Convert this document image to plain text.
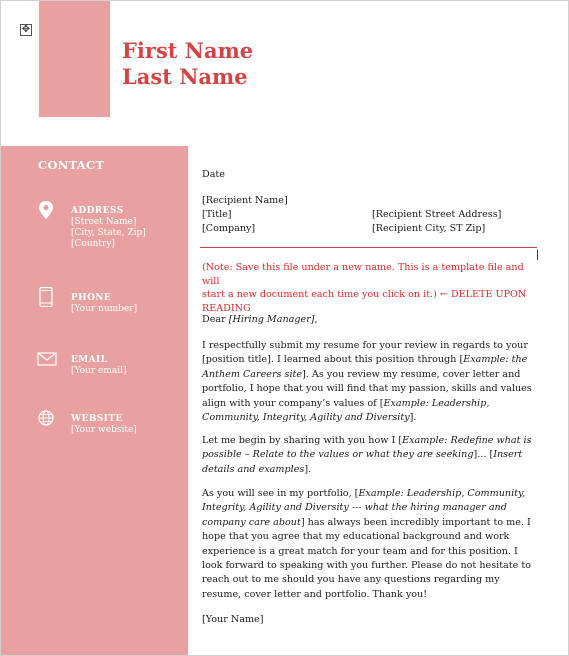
✥
First Name
Last Name
CONTACT
ADDRESS
[Street Name]
[City, State, Zip]
[Country]
PHONE
[Your number]
EMAIL
[Your email]
WEBSITE
[Your website]
Date
[Recipient Name]
[Title]
[Company]
[Recipient Street Address]
[Recipient City, ST Zip]
Dear [Hiring Manager],
I respectfully submit my resume for your review in regards to your [position title]. I learned about this position through [Example: the Anthem Careers site]. As you review my resume, cover letter and portfolio, I hope that you will find that my passion, skills and values align with your company’s values of [Example: Leadership, Community, Integrity, Agility and Diversity].
Let me begin by sharing with you how I [Example: Redefine what is possible – Relate to the values or what they are seeking]... [Insert details and examples].
As you will see in my portfolio, [Example: Leadership, Community, Integrity, Agility and Diversity --- what the hiring manager and company care about] has always been incredibly important to me. I hope that you agree that my educational background and work experience is a great match for your team and for this position. I look forward to speaking with you further. Please do not hesitate to reach out to me should you have any questions regarding my resume, cover letter and portfolio. Thank you!
[Your Name]
(Note: Save this file under a new name. This is a template file and will
start a new document each time you click on it.) ← DELETE UPON
READING
